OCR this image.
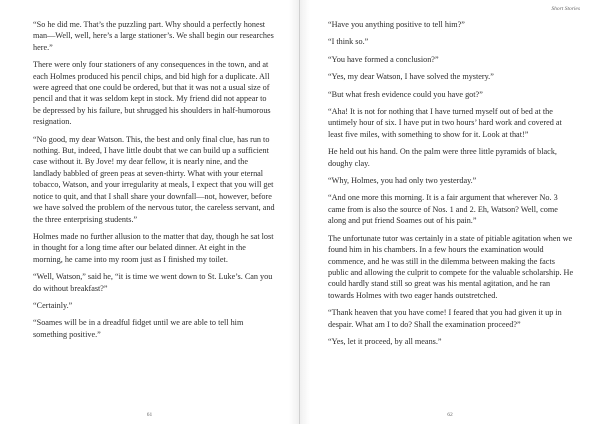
“So he did me. That’s the puzzling part. Why should a perfectly honest man—Well, well, here’s a large stationer’s. We shall begin our researches here.”

There were only four stationers of any consequences in the town, and at each Holmes produced his pencil chips, and bid high for a duplicate. All were agreed that one could be ordered, but that it was not a usual size of pencil and that it was seldom kept in stock. My friend did not appear to be depressed by his failure, but shrugged his shoulders in half-humorous resignation.

“No good, my dear Watson. This, the best and only final clue, has run to nothing. But, indeed, I have little doubt that we can build up a sufficient case without it. By Jove! my dear fellow, it is nearly nine, and the landlady babbled of green peas at seven-thirty. What with your eternal tobacco, Watson, and your irregularity at meals, I expect that you will get notice to quit, and that I shall share your downfall—not, however, before we have solved the problem of the nervous tutor, the careless servant, and the three enterprising students.”

Holmes made no further allusion to the matter that day, though he sat lost in thought for a long time after our belated dinner. At eight in the morning, he came into my room just as I finished my toilet.

“Well, Watson,” said he, “it is time we went down to St. Luke’s. Can you do without breakfast?”

“Certainly.”

“Soames will be in a dreadful fidget until we are able to tell him something positive.”

61
Short Stories

“Have you anything positive to tell him?”

“I think so.”

“You have formed a conclusion?”

“Yes, my dear Watson, I have solved the mystery.”

“But what fresh evidence could you have got?”

“Aha! It is not for nothing that I have turned myself out of bed at the untimely hour of six. I have put in two hours’ hard work and covered at least five miles, with something to show for it. Look at that!”

He held out his hand. On the palm were three little pyramids of black, doughy clay.

“Why, Holmes, you had only two yesterday.”

“And one more this morning. It is a fair argument that wherever No. 3 came from is also the source of Nos. 1 and 2. Eh, Watson? Well, come along and put friend Soames out of his pain.”

The unfortunate tutor was certainly in a state of pitiable agitation when we found him in his chambers. In a few hours the examination would commence, and he was still in the dilemma between making the facts public and allowing the culprit to compete for the valuable scholarship. He could hardly stand still so great was his mental agitation, and he ran towards Holmes with two eager hands outstretched.

“Thank heaven that you have come! I feared that you had given it up in despair. What am I to do? Shall the examination proceed?”

“Yes, let it proceed, by all means.”

62
